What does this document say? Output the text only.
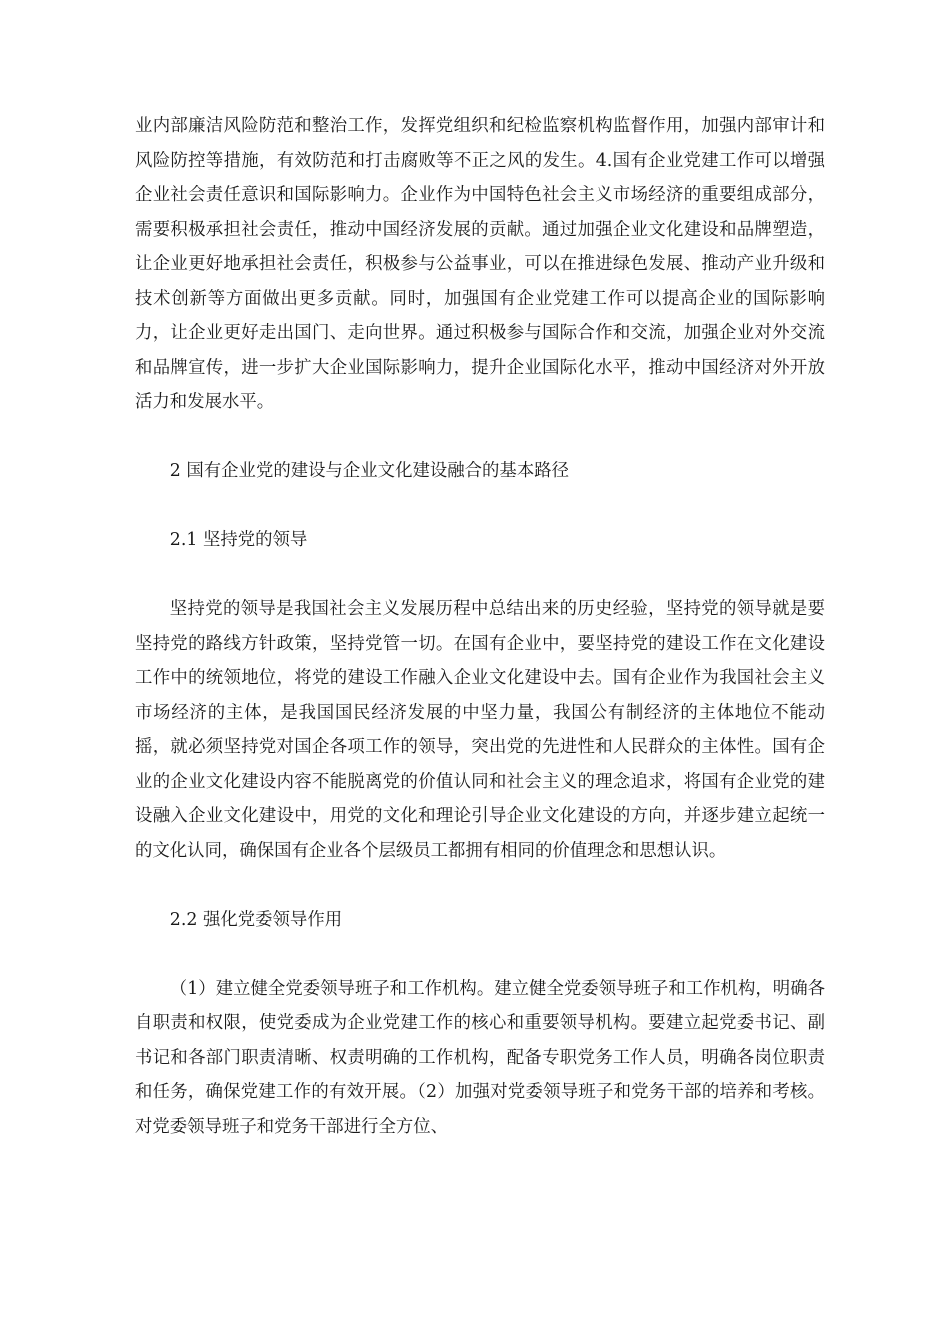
业内部廉洁风险防范和整治工作，发挥党组织和纪检监察机构监督作用，加强内部审计和风险防控等措施，有效防范和打击腐败等不正之风的发生。4.国有企业党建工作可以增强企业社会责任意识和国际影响力。企业作为中国特色社会主义市场经济的重要组成部分，需要积极承担社会责任，推动中国经济发展的贡献。通过加强企业文化建设和品牌塑造，让企业更好地承担社会责任，积极参与公益事业，可以在推进绿色发展、推动产业升级和技术创新等方面做出更多贡献。同时，加强国有企业党建工作可以提高企业的国际影响力，让企业更好走出国门、走向世界。通过积极参与国际合作和交流，加强企业对外交流和品牌宣传，进一步扩大企业国际影响力，提升企业国际化水平，推动中国经济对外开放活力和发展水平。

2 国有企业党的建设与企业文化建设融合的基本路径

2.1 坚持党的领导

坚持党的领导是我国社会主义发展历程中总结出来的历史经验，坚持党的领导就是要坚持党的路线方针政策，坚持党管一切。在国有企业中，要坚持党的建设工作在文化建设工作中的统领地位，将党的建设工作融入企业文化建设中去。国有企业作为我国社会主义市场经济的主体，是我国国民经济发展的中坚力量，我国公有制经济的主体地位不能动摇，就必须坚持党对国企各项工作的领导，突出党的先进性和人民群众的主体性。国有企业的企业文化建设内容不能脱离党的价值认同和社会主义的理念追求，将国有企业党的建设融入企业文化建设中，用党的文化和理论引导企业文化建设的方向，并逐步建立起统一的文化认同，确保国有企业各个层级员工都拥有相同的价值理念和思想认识。

2.2 强化党委领导作用

（1）建立健全党委领导班子和工作机构。建立健全党委领导班子和工作机构，明确各自职责和权限，使党委成为企业党建工作的核心和重要领导机构。要建立起党委书记、副书记和各部门职责清晰、权责明确的工作机构，配备专职党务工作人员，明确各岗位职责和任务，确保党建工作的有效开展。（2）加强对党委领导班子和党务干部的培养和考核。对党委领导班子和党务干部进行全方位、
